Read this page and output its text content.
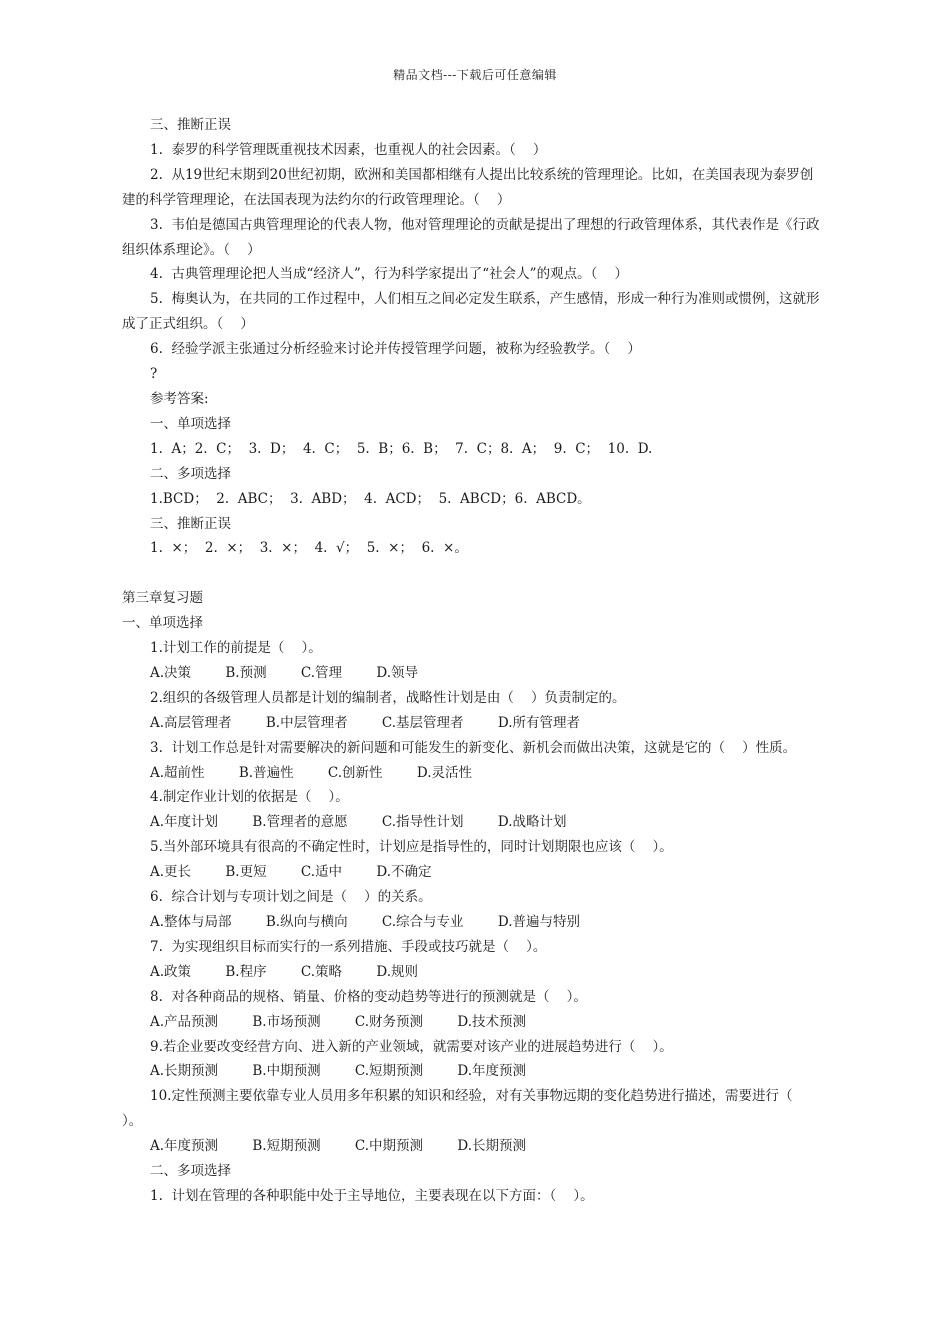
精品文档---下载后可任意编辑

三、推断正误

1.  泰罗的科学管理既重视技术因素，也重视人的社会因素。（    ）

2.  从19世纪末期到20世纪初期，欧洲和美国都相继有人提出比较系统的管理理论。比如，在美国表现为泰罗创建的科学管理理论，在法国表现为法约尔的行政管理理论。（    ）

3.  韦伯是德国古典管理理论的代表人物，他对管理理论的贡献是提出了理想的行政管理体系，其代表作是《行政组织体系理论》。（    ）

4.  古典管理理论把人当成“经济人”，行为科学家提出了“社会人”的观点。（    ）

5.  梅奥认为，在共同的工作过程中，人们相互之间必定发生联系，产生感情，形成一种行为准则或惯例，这就形成了正式组织。（    ）

6.  经验学派主张通过分析经验来讨论并传授管理学问题，被称为经验教学。（    ）

?

参考答案:

一、单项选择

1.  A；2.  C；  3.  D；  4.  C；  5.  B；6.  B；  7.  C；8.  A；  9.  C；  10.  D.

二、多项选择

1.BCD；  2.  ABC；  3.  ABD；  4.  ACD；  5.  ABCD；6.  ABCD。

三、推断正误

1.  ×；  2.  ×；  3.  ×；  4.  √；  5.  ×；  6.  ×。

第三章复习题

一、单项选择

1.计划工作的前提是（    ）。

A.决策        B.预测        C.管理        D.领导

2.组织的各级管理人员都是计划的编制者，战略性计划是由（    ）负责制定的。

A.高层管理者        B.中层管理者        C.基层管理者        D.所有管理者

3.  计划工作总是针对需要解决的新问题和可能发生的新变化、新机会而做出决策，这就是它的（    ）性质。

A.超前性        B.普遍性        C.创新性        D.灵活性

4.制定作业计划的依据是（    ）。

A.年度计划        B.管理者的意愿        C.指导性计划        D.战略计划

5.当外部环境具有很高的不确定性时，计划应是指导性的，同时计划期限也应该（    ）。

A.更长        B.更短        C.适中        D.不确定

6.  综合计划与专项计划之间是（    ）的关系。

A.整体与局部        B.纵向与横向        C.综合与专业        D.普遍与特别

7.  为实现组织目标而实行的一系列措施、手段或技巧就是（    ）。

A.政策        B.程序        C.策略        D.规则

8.  对各种商品的规格、销量、价格的变动趋势等进行的预测就是（    ）。

A.产品预测        B.市场预测        C.财务预测        D.技术预测

9.若企业要改变经营方向、进入新的产业领域，就需要对该产业的进展趋势进行（    ）。

A.长期预测        B.中期预测        C.短期预测        D.年度预测

10.定性预测主要依靠专业人员用多年积累的知识和经验，对有关事物远期的变化趋势进行描述，需要进行（    ）。

A.年度预测        B.短期预测        C.中期预测        D.长期预测

二、多项选择

1.  计划在管理的各种职能中处于主导地位，主要表现在以下方面：（    ）。
